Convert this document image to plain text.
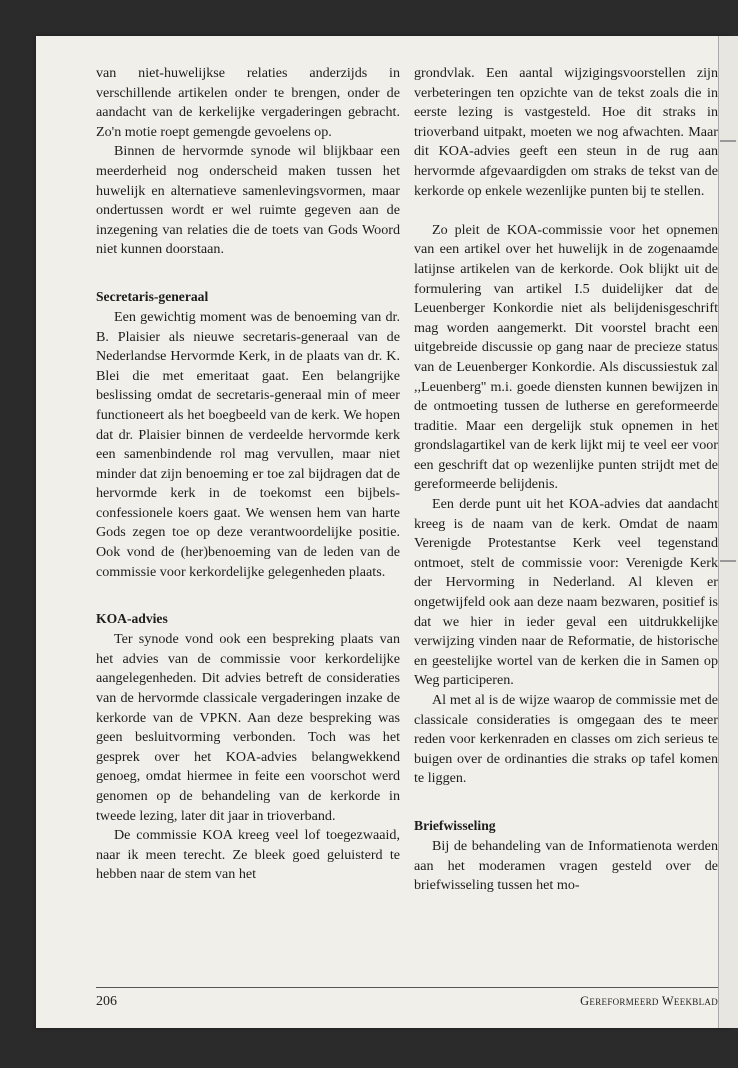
van niet-huwelijkse relaties anderzijds in verschillende artikelen onder te brengen, onder de aandacht van de kerkelijke vergaderingen gebracht. Zo'n motie roept gemengde gevoelens op.

Binnen de hervormde synode wil blijkbaar een meerderheid nog onderscheid maken tussen het huwelijk en alternatieve samenlevingsvormen, maar ondertussen wordt er wel ruimte gegeven aan de inzegening van relaties die de toets van Gods Woord niet kunnen doorstaan.

Secretaris-generaal

Een gewichtig moment was de benoeming van dr. B. Plaisier als nieuwe secretaris-generaal van de Nederlandse Hervormde Kerk, in de plaats van dr. K. Blei die met emeritaat gaat. Een belangrijke beslissing omdat de secretaris-generaal min of meer functioneert als het boegbeeld van de kerk. We hopen dat dr. Plaisier binnen de verdeelde hervormde kerk een samenbindende rol mag vervullen, maar niet minder dat zijn benoeming er toe zal bijdragen dat de hervormde kerk in de toekomst een bijbels-confessionele koers gaat. We wensen hem van harte Gods zegen toe op deze verantwoordelijke positie. Ook vond de (her)benoeming van de leden van de commissie voor kerkordelijke gelegenheden plaats.

KOA-advies

Ter synode vond ook een bespreking plaats van het advies van de commissie voor kerkordelijke aangelegenheden. Dit advies betreft de consideraties van de hervormde classicale vergaderingen inzake de kerkorde van de VPKN. Aan deze bespreking was geen besluitvorming verbonden. Toch was het gesprek over het KOA-advies belangwekkend genoeg, omdat hiermee in feite een voorschot werd genomen op de behandeling van de kerkorde in tweede lezing, later dit jaar in trioverband.

De commissie KOA kreeg veel lof toegezwaaid, naar ik meen terecht. Ze bleek goed geluisterd te hebben naar de stem van het

grondvlak. Een aantal wijzigingsvoorstellen zijn verbeteringen ten opzichte van de tekst zoals die in eerste lezing is vastgesteld. Hoe dit straks in trioverband uitpakt, moeten we nog afwachten. Maar dit KOA-advies geeft een steun in de rug aan hervormde afgevaardigden om straks de tekst van de kerkorde op enkele wezenlijke punten bij te stellen.

Zo pleit de KOA-commissie voor het opnemen van een artikel over het huwelijk in de zogenaamde latijnse artikelen van de kerkorde. Ook blijkt uit de formulering van artikel I.5 duidelijker dat de Leuenberger Konkordie niet als belijdenisgeschrift mag worden aangemerkt. Dit voorstel bracht een uitgebreide discussie op gang naar de precieze status van de Leuenberger Konkordie. Als discussiestuk zal ,,Leuenberg'' m.i. goede diensten kunnen bewijzen in de ontmoeting tussen de lutherse en gereformeerde traditie. Maar een dergelijk stuk opnemen in het grondslagartikel van de kerk lijkt mij te veel eer voor een geschrift dat op wezenlijke punten strijdt met de gereformeerde belijdenis.

Een derde punt uit het KOA-advies dat aandacht kreeg is de naam van de kerk. Omdat de naam Verenigde Protestantse Kerk veel tegenstand ontmoet, stelt de commissie voor: Verenigde Kerk der Hervorming in Nederland. Al kleven er ongetwijfeld ook aan deze naam bezwaren, positief is dat we hier in ieder geval een uitdrukkelijke verwijzing vinden naar de Reformatie, de historische en geestelijke wortel van de kerken die in Samen op Weg participeren.

Al met al is de wijze waarop de commissie met de classicale consideraties is omgegaan des te meer reden voor kerkenraden en classes om zich serieus te buigen over de ordinanties die straks op tafel komen te liggen.

Briefwisseling

Bij de behandeling van de Informatienota werden aan het moderamen vragen gesteld over de briefwisseling tussen het mo-

206	Gereformeerd Weekblad
